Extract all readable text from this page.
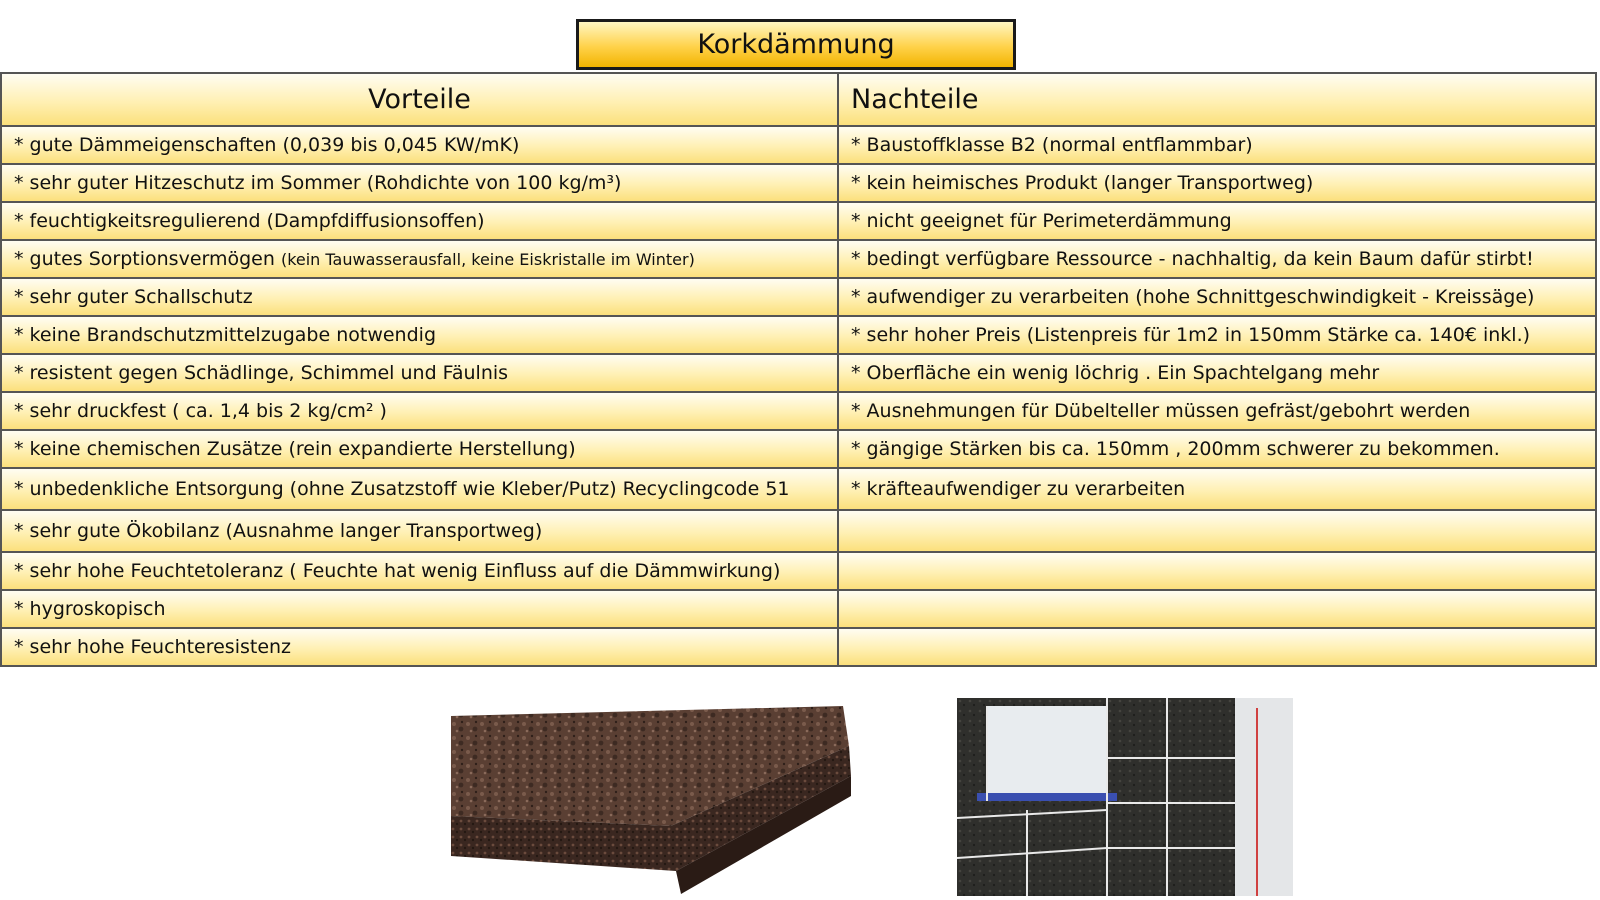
Korkdämmung
Vorteile	Nachteile
* gute Dämmeigenschaften (0,039 bis 0,045 KW/mK)	* Baustoffklasse B2 (normal entflammbar)
* sehr guter Hitzeschutz im Sommer (Rohdichte von 100 kg/m³)	* kein heimisches Produkt (langer Transportweg)
* feuchtigkeitsregulierend (Dampfdiffusionsoffen)	* nicht geeignet für Perimeterdämmung
* gutes Sorptionsvermögen (kein Tauwasserausfall, keine Eiskristalle im Winter)	* bedingt verfügbare Ressource - nachhaltig, da kein Baum dafür stirbt!
* sehr guter Schallschutz	* aufwendiger zu verarbeiten (hohe Schnittgeschwindigkeit - Kreissäge)
* keine Brandschutzmittelzugabe notwendig	* sehr hoher Preis (Listenpreis für 1m2 in 150mm Stärke ca. 140€ inkl.)
* resistent gegen Schädlinge, Schimmel und Fäulnis	* Oberfläche ein wenig löchrig . Ein Spachtelgang mehr
* sehr druckfest ( ca. 1,4 bis 2 kg/cm² )	* Ausnehmungen für Dübelteller müssen gefräst/gebohrt werden
* keine chemischen Zusätze (rein expandierte Herstellung)	* gängige Stärken bis ca. 150mm , 200mm schwerer zu bekommen.
* unbedenkliche Entsorgung (ohne Zusatzstoff wie Kleber/Putz) Recyclingcode 51	* kräfteaufwendiger zu verarbeiten
* sehr gute Ökobilanz (Ausnahme langer Transportweg)	
* sehr hohe Feuchtetoleranz ( Feuchte hat wenig Einfluss auf die Dämmwirkung)	
* hygroskopisch	
* sehr hohe Feuchteresistenz	
